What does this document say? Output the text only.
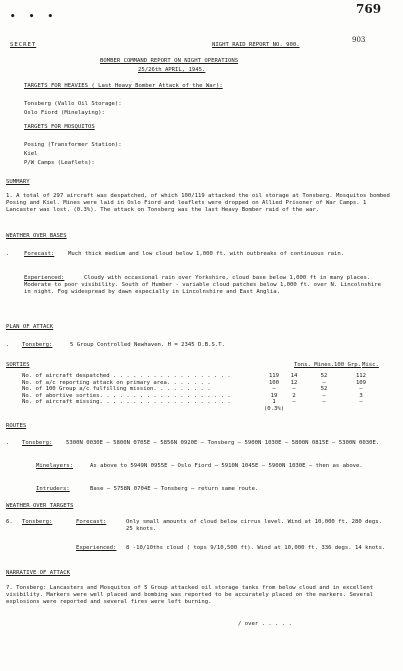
• • •
769
SECRET	NIGHT RAID REPORT NO. 900.
903
BOMBER COMMAND REPORT ON NIGHT OPERATIONS
25/26th APRIL, 1945.
TARGETS FOR HEAVIES ( Last Heavy Bomber Attack of the War):
Tonsberg (Vallo Oil Storage):
Oslo Fiord (Minelaying):
TARGETS FOR MOSQUITOS
Posing (Transformer Station):
Kiel
P/W Camps (Leaflets):
SUMMARY
1. A total of 297 aircraft was despatched, of which 100/119 attacked the oil storage at Tonsberg. Mosquitos bombed Posing and Kiel. Mines were laid in Oslo Fiord and leaflets were dropped on Allied Prisoner of War Camps. 1 Lancaster was lost. (0.3%). The attack on Tonsberg was the last Heavy Bomber raid of the war.
WEATHER OVER BASES
.	Forecast:	Much thick medium and low cloud below 1,000 ft. with outbreaks of continuous rain.
Experienced:	Cloudy with occasional rain over Yorkshire, cloud base below 1,000 ft in many places. Moderate to poor visibility. South of Humber - variable cloud patches below 1,000 ft. over N. Lincolnshire in night. Fog widespread by dawn especially in Lincolnshire and East Anglia.
PLAN OF ATTACK
. Tonsberg:	5 Group Controlled Newhaven. H = 2345 D.B.S.T.
SORTIES	Tons. Mines. 100 Grp. Misc.
No. of aircraft despatched . . . . . . . . . . . . . . . . . .	119	14	52	112
No. of a/c reporting attack on primary area. . . . . . .	100	12	–	109
No. of 100 Group a/c fulfilling mission. . . . . . . . .	–	–	52	–
No. of abortive sorties. . . . . . . . . . . . . . . . . . . .	19	2	–	3
No. of aircraft missing. . . . . . . . . . . . . . . . . . . .	1	–	–	–
	(0.3%)			
ROUTES
. Tonsberg:	5300N 0030E – 5800N 0705E – 5856N 0920E – Tonsberg – 5900N 1030E – 5800N 0815E – 5300N 0030E.
Minelayers:	As above to 5949N 0955E – Oslo Fiord – 5910N 1045E – 5900N 1030E – then as above.
Intruders:	Base – 5758N 0704E – Tonsberg – return same route.
WEATHER OVER TARGETS
6. Tonsberg:	Forecast:	Only small amounts of cloud below cirrus level. Wind at 10,000 ft. 280 degs. 25 knots.
Experienced: 8 -10/10ths cloud ( tops 9/10,500 ft). Wind at 10,000 ft. 336 degs. 14 knots.
NARRATIVE OF ATTACK
7. Tonsberg: Lancasters and Mosquitos of 5 Group attacked oil storage tanks from below cloud and in excellent visibility. Markers were well placed and bombing was reported to be accurately placed on the markers. Several explosions were reported and several fires were left burning.
/ over . . . . .
